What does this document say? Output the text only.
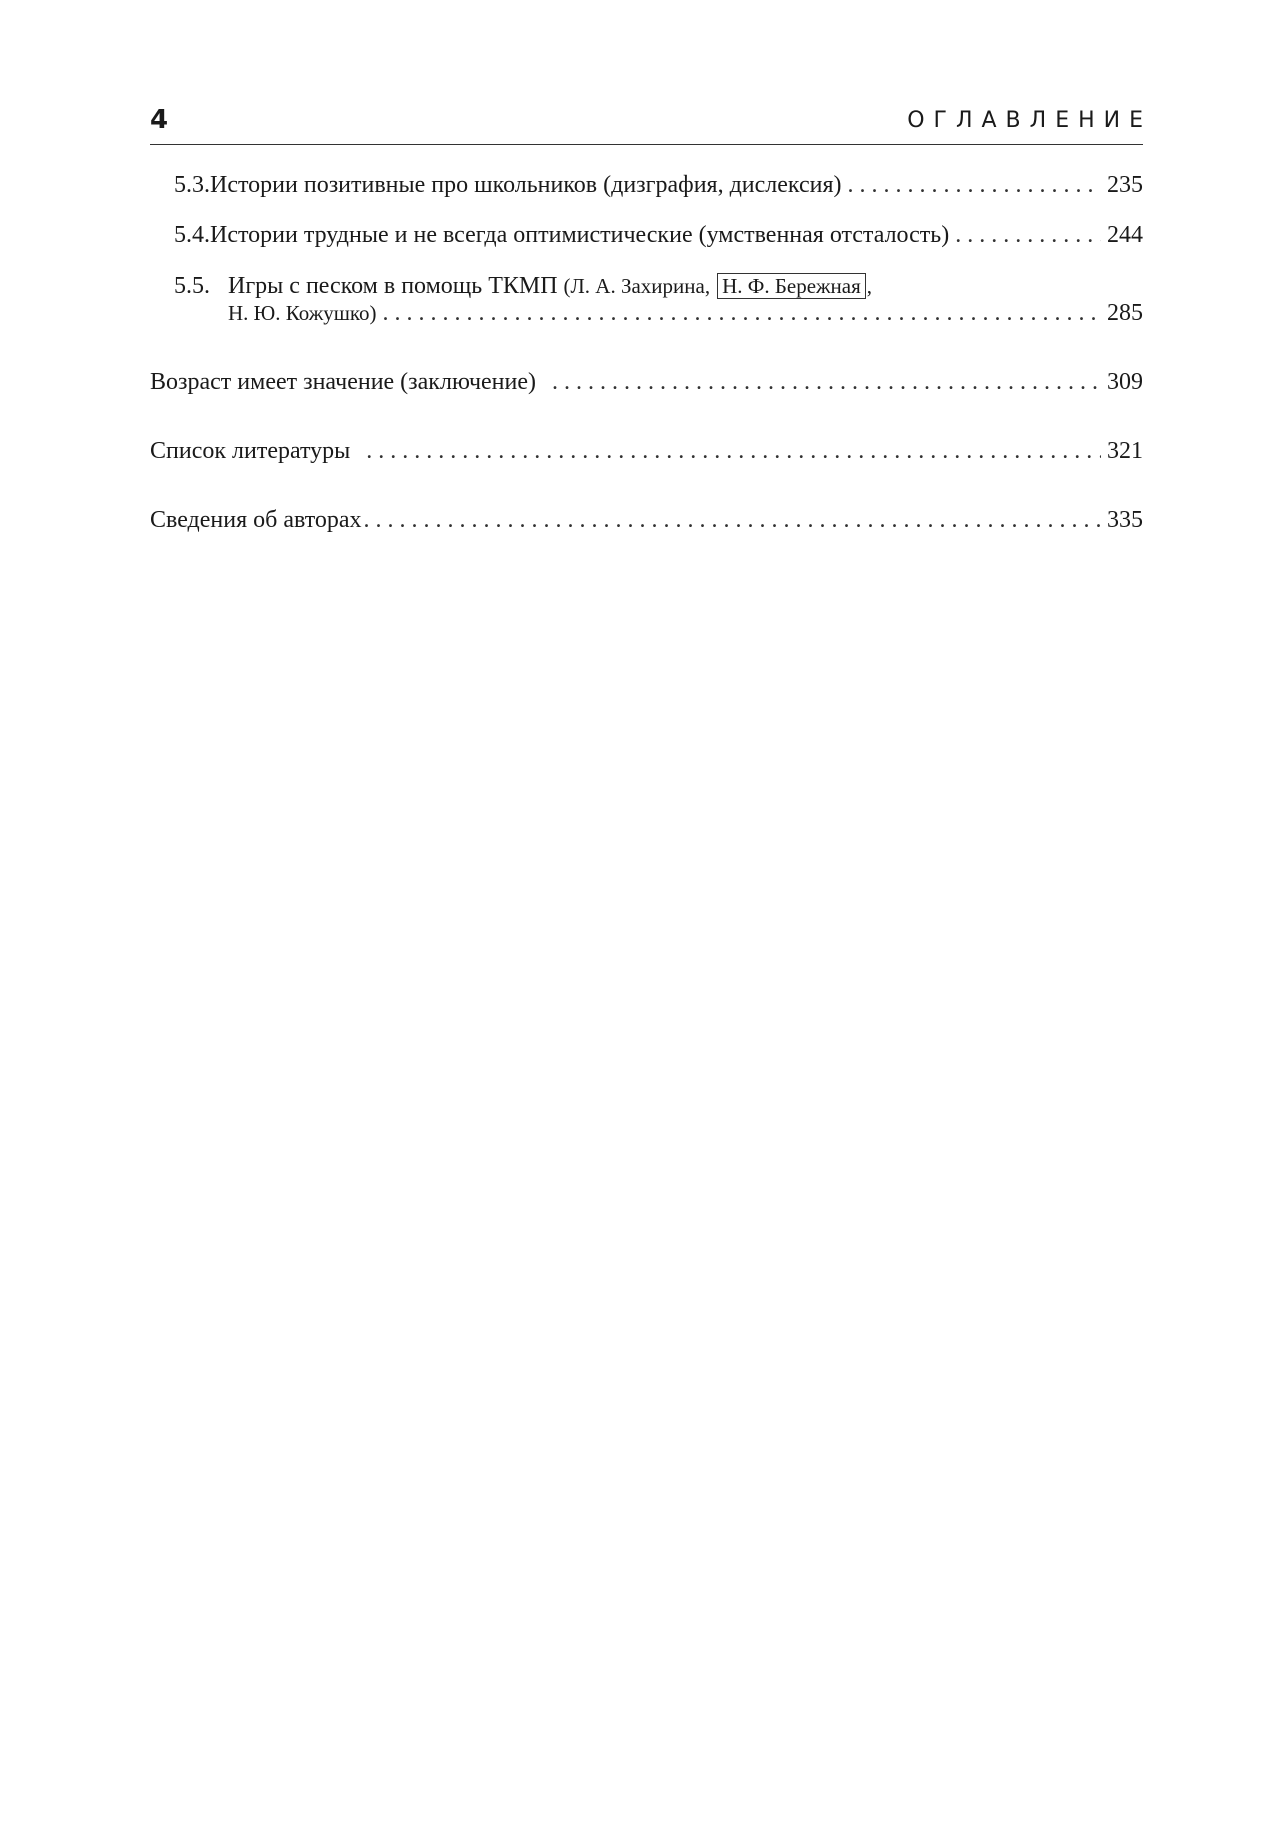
4	ОГЛАВЛЕНИЕ
5.3. Истории позитивные про школьников (дизграфия, дислексия) . . .	235
5.4. Истории трудные и не всегда оптимистические (умственная отсталость) . . .	244
5.5. Игры с песком в помощь ТКМП (Л. А. Захирина, Н. Ф. Бережная ,
Н. Ю. Кожушко) . . .	285
Возраст имеет значение (заключение) . . .	309
Список литературы . . .	321
Сведения об авторах . . .	335
